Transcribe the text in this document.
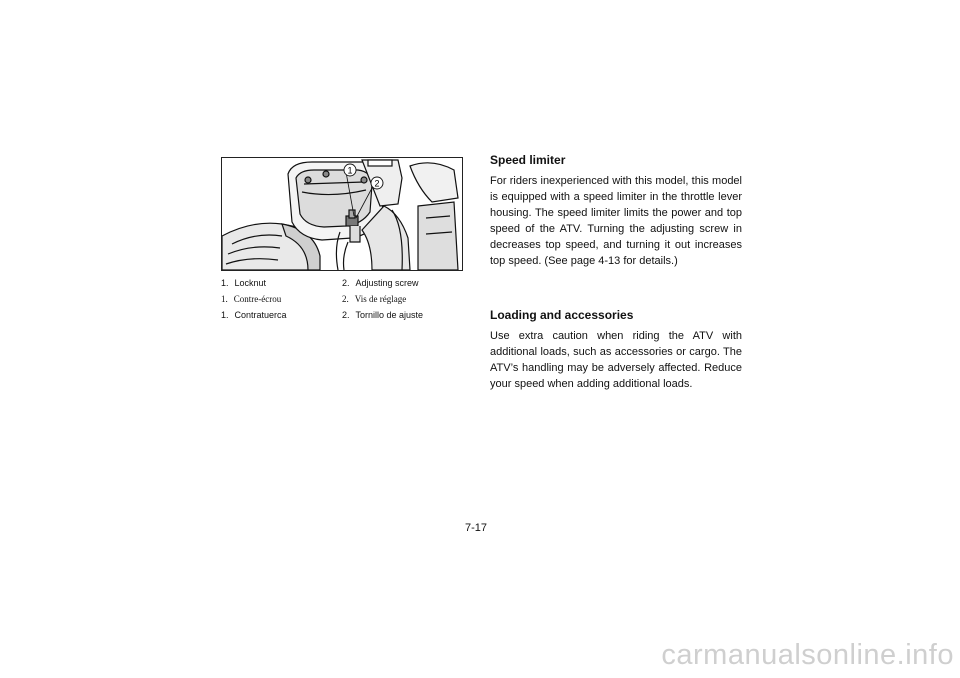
1
2
1. Locknut	2. Adjusting screw
1. Contre-écrou	2. Vis de réglage
1. Contratuerca	2. Tornillo de ajuste
Speed limiter

For riders inexperienced with this model, this model is equipped with a speed limiter in the throttle lever housing. The speed limiter limits the power and top speed of the ATV. Turning the adjusting screw in decreases top speed, and turning it out increases top speed. (See page 4-13 for details.)

Loading and accessories

Use extra caution when riding the ATV with additional loads, such as accessories or cargo. The ATV’s handling may be adversely affected. Reduce your speed when adding additional loads.

7-17
carmanualsonline.info
